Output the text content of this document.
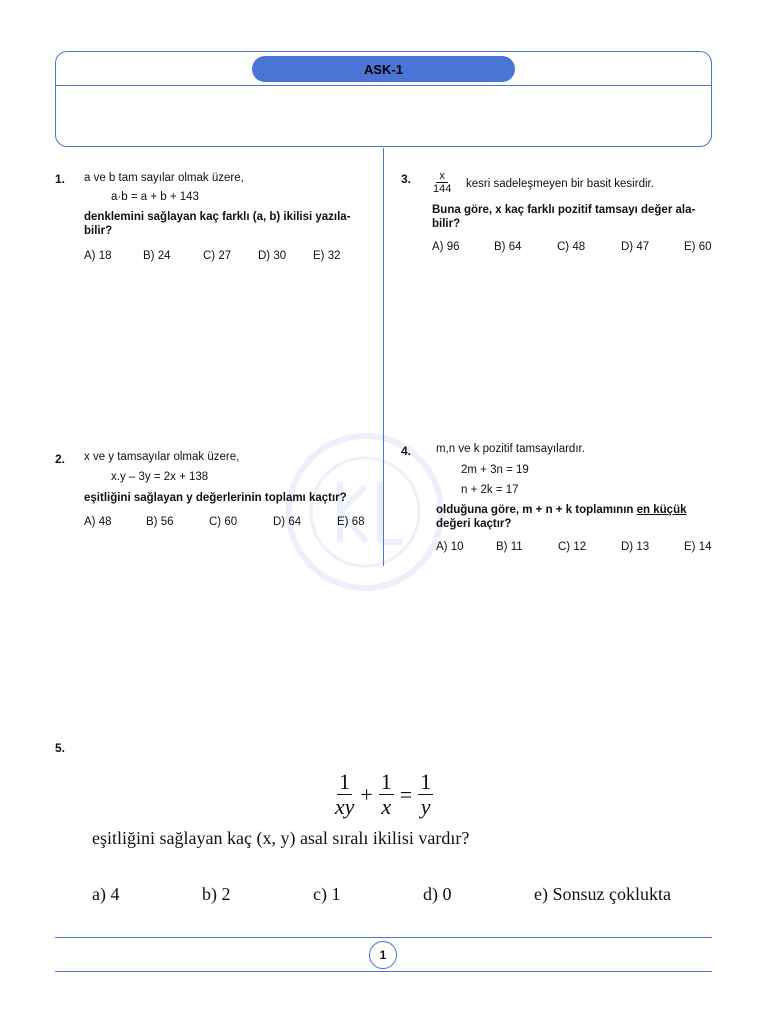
ASK-1
1. a ve b tam sayılar olmak üzere,
a·b = a + b + 143
denklemini sağlayan kaç farklı (a, b) ikilisi yazıla-
bilir?
A) 18	B) 24	C) 27 D) 30 E) 32
2. x ve y tamsayılar olmak üzere,
x.y – 3y = 2x + 138
eşitliğini sağlayan y değerlerinin toplamı kaçtır?
A) 48	B) 56	C) 60	D) 64	E) 68
3. $\frac{x}{144}$ kesri sadeleşmeyen bir basit kesirdir.
Buna göre, x kaç farklı pozitif tamsayı değer ala-
bilir?
A) 96	B) 64	C) 48	D) 47	E) 60
4. m,n ve k pozitif tamsayılardır.
2m + 3n = 19
n + 2k = 17
olduğuna göre, m + n + k toplamının en küçük
değeri kaçtır?
A) 10	B) 11	C) 12	D) 13	E) 14
5.
$\frac{1}{xy} + \frac{1}{x} = \frac{1}{y}$
eşitliğini sağlayan kaç (x, y) asal sıralı ikilisi vardır?
a) 4	b) 2	c) 1	d) 0	e) Sonsuz çoklukta
1
